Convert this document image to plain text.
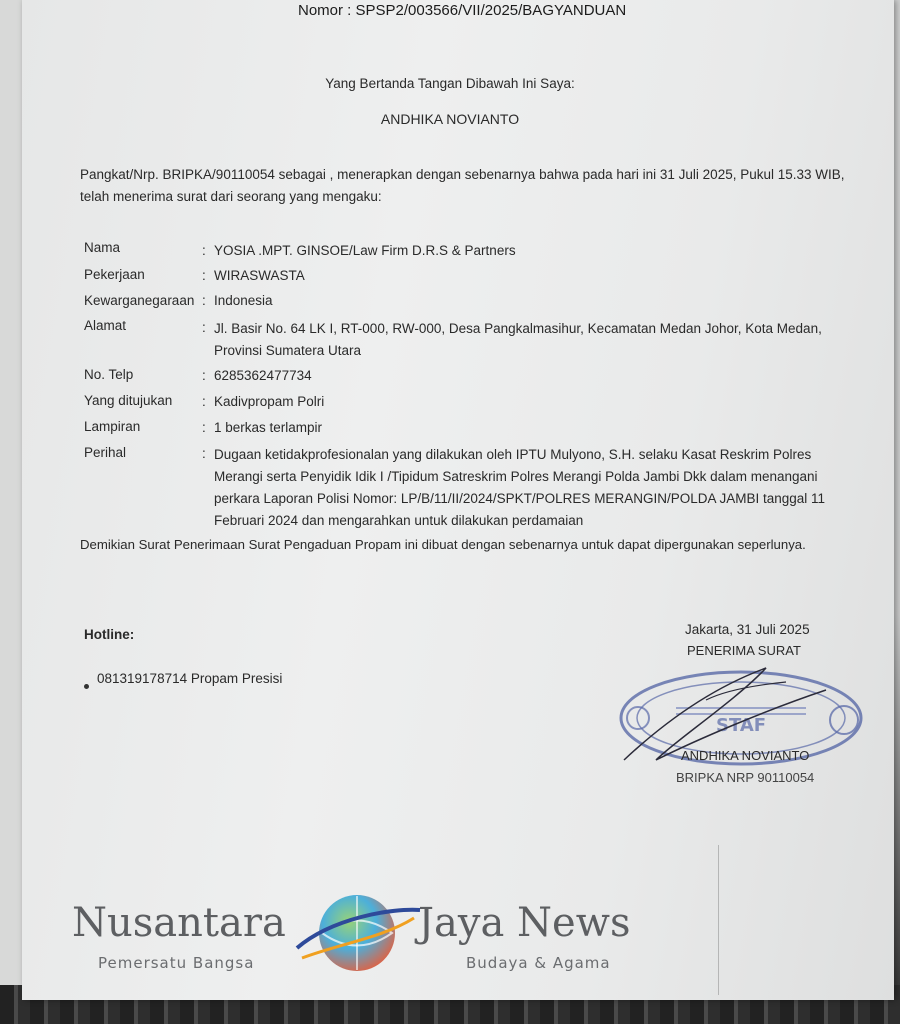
Nomor : SPSP2/003566/VII/2025/BAGYANDUAN
Yang Bertanda Tangan Dibawah Ini Saya:
ANDHIKA NOVIANTO
Pangkat/Nrp. BRIPKA/90110054 sebagai , menerapkan dengan sebenarnya bahwa pada hari ini 31 Juli 2025, Pukul 15.33 WIB, telah menerima surat dari seorang yang mengaku:
Nama	: YOSIA .MPT. GINSOE/Law Firm D.R.S & Partners
Pekerjaan	: WIRASWASTA
Kewarganegaraan : Indonesia
Alamat	: Jl. Basir No. 64 LK I, RT-000, RW-000, Desa Pangkalmasihur, Kecamatan Medan Johor, Kota Medan, Provinsi Sumatera Utara
No. Telp	: 6285362477734
Yang ditujukan : Kadivpropam Polri
Lampiran	: 1 berkas terlampir
Perihal	: Dugaan ketidakprofesionalan yang dilakukan oleh IPTU Mulyono, S.H. selaku Kasat Reskrim Polres Merangi serta Penyidik Idik I /Tipidum Satreskrim Polres Merangi Polda Jambi Dkk dalam menangani perkara Laporan Polisi Nomor: LP/B/11/II/2024/SPKT/POLRES MERANGIN/POLDA JAMBI tanggal 11 Februari 2024 dan mengarahkan untuk dilakukan perdamaian
Demikian Surat Penerimaan Surat Pengaduan Propam ini dibuat dengan sebenarnya untuk dapat dipergunakan seperlunya.
Hotline:
081319178714 Propam Presisi
Jakarta, 31 Juli 2025
PENERIMA SURAT
STAF
ANDHIKA NOVIANTO
BRIPKA NRP 90110054
Nusantara
Pemersatu Bangsa
Jaya News
Budaya & Agama
